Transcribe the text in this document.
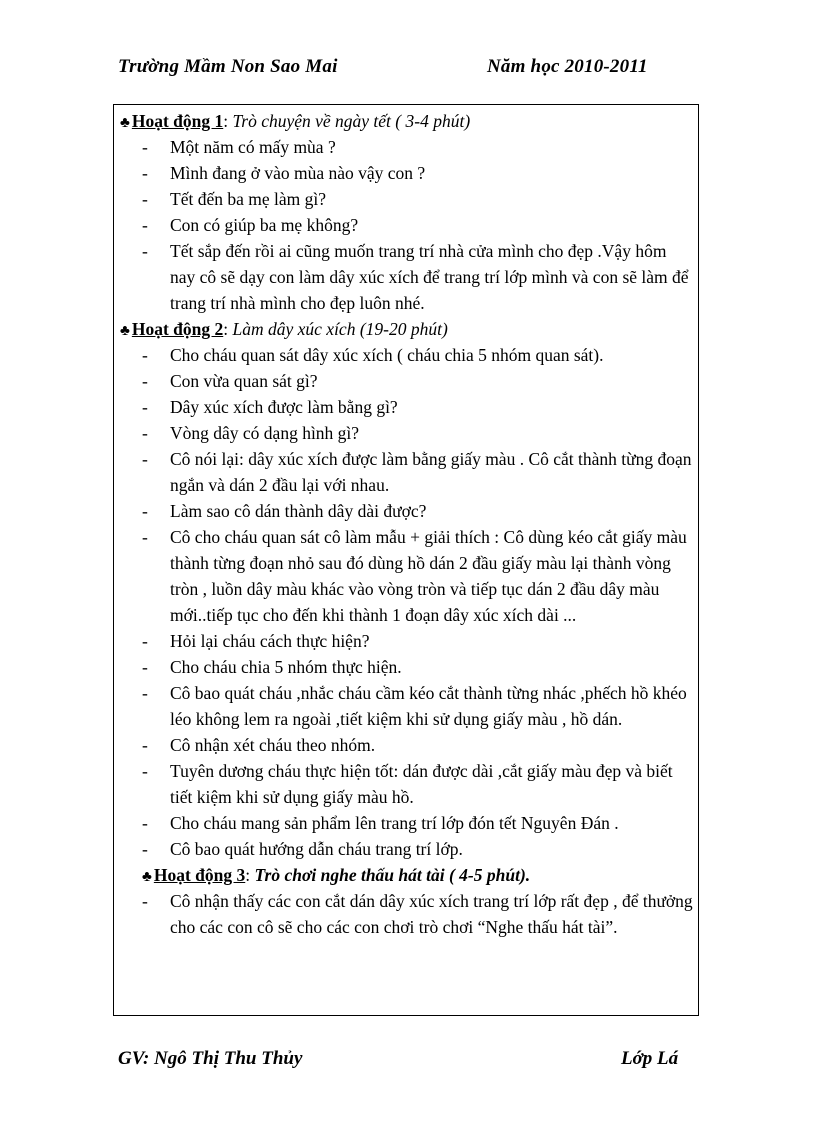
Trường Mầm Non Sao Mai	Năm học 2010-2011
♣ Hoạt động 1: Trò chuyện về ngày tết ( 3-4 phút)
- Một năm có mấy mùa ?
- Mình đang ở vào mùa nào vậy con ?
- Tết đến ba mẹ làm gì?
- Con có giúp ba mẹ không?
- Tết sắp đến rồi ai cũng muốn trang trí nhà cửa mình cho đẹp .Vậy hôm nay cô sẽ dạy con làm dây xúc xích để trang trí lớp mình và con sẽ làm để trang trí nhà mình cho đẹp luôn nhé.
♣ Hoạt động 2: Làm dây xúc xích (19-20 phút)
- Cho cháu quan sát dây xúc xích ( cháu chia 5 nhóm quan sát).
- Con vừa quan sát gì?
- Dây xúc xích được làm bằng gì?
- Vòng dây có dạng hình gì?
- Cô nói lại: dây xúc xích được làm bằng giấy màu . Cô cắt thành từng đoạn ngắn và dán 2 đầu lại với nhau.
- Làm sao cô dán thành dây dài được?
- Cô cho cháu quan sát cô làm mẫu + giải thích : Cô dùng kéo cắt giấy màu thành từng đoạn nhỏ sau đó dùng hồ dán 2 đầu giấy màu lại thành vòng tròn , luồn dây màu khác vào vòng tròn và tiếp tục dán 2 đầu dây màu mới..tiếp tục cho đến khi thành 1 đoạn dây xúc xích dài ...
- Hỏi lại cháu cách thực hiện?
- Cho cháu chia 5 nhóm thực hiện.
- Cô bao quát cháu ,nhắc cháu cầm kéo cắt thành từng nhác ,phếch hồ khéo léo không lem ra ngoài ,tiết kiệm khi sử dụng giấy màu , hồ dán.
- Cô nhận xét cháu theo nhóm.
- Tuyên dương cháu thực hiện tốt: dán được dài ,cắt giấy màu đẹp và biết tiết kiệm khi sử dụng giấy màu hồ.
- Cho cháu mang sản phẩm lên trang trí lớp đón tết Nguyên Đán .
- Cô bao quát hướng dẫn cháu trang trí lớp.
♣ Hoạt động 3: Trò chơi nghe thấu hát tài ( 4-5 phút).
- Cô nhận thấy các con cắt dán dây xúc xích trang trí lớp rất đẹp , để thưởng cho các con cô sẽ cho các con chơi trò chơi “Nghe thấu hát tài”.
GV: Ngô Thị Thu Thủy	Lớp Lá
